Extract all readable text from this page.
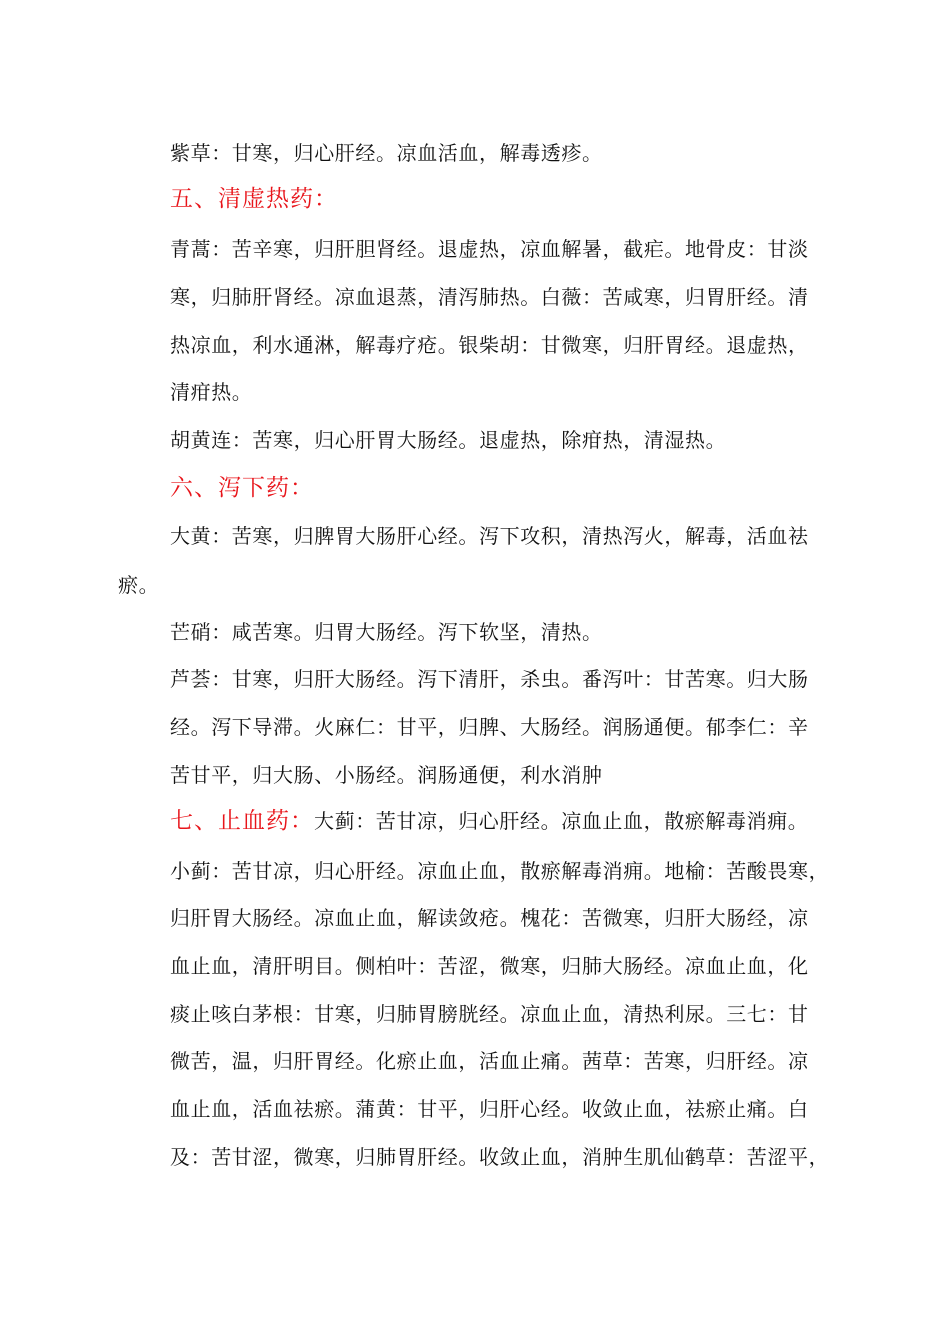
紫草：甘寒，归心肝经。凉血活血，解毒透疹。
五、清虚热药：
青蒿：苦辛寒，归肝胆肾经。退虚热，凉血解暑，截疟。地骨皮：甘淡
寒，归肺肝肾经。凉血退蒸，清泻肺热。白薇：苦咸寒，归胃肝经。清
热凉血，利水通淋，解毒疗疮。银柴胡：甘微寒，归肝胃经。退虚热，
清疳热。
胡黄连：苦寒，归心肝胃大肠经。退虚热，除疳热，清湿热。
六、泻下药：
大黄：苦寒，归脾胃大肠肝心经。泻下攻积，清热泻火，解毒，活血祛
瘀。
芒硝：咸苦寒。归胃大肠经。泻下软坚，清热。
芦荟：甘寒，归肝大肠经。泻下清肝，杀虫。番泻叶：甘苦寒。归大肠
经。泻下导滞。火麻仁：甘平，归脾、大肠经。润肠通便。郁李仁：辛
苦甘平，归大肠、小肠经。润肠通便，利水消肿
七、止血药：大蓟：苦甘凉，归心肝经。凉血止血，散瘀解毒消痈。
小蓟：苦甘凉，归心肝经。凉血止血，散瘀解毒消痈。地榆：苦酸畏寒，
归肝胃大肠经。凉血止血，解读敛疮。槐花：苦微寒，归肝大肠经，凉
血止血，清肝明目。侧柏叶：苦涩，微寒，归肺大肠经。凉血止血，化
痰止咳白茅根：甘寒，归肺胃膀胱经。凉血止血，清热利尿。三七：甘
微苦，温，归肝胃经。化瘀止血，活血止痛。茜草：苦寒，归肝经。凉
血止血，活血祛瘀。蒲黄：甘平，归肝心经。收敛止血，祛瘀止痛。白
及：苦甘涩，微寒，归肺胃肝经。收敛止血，消肿生肌仙鹤草：苦涩平，
